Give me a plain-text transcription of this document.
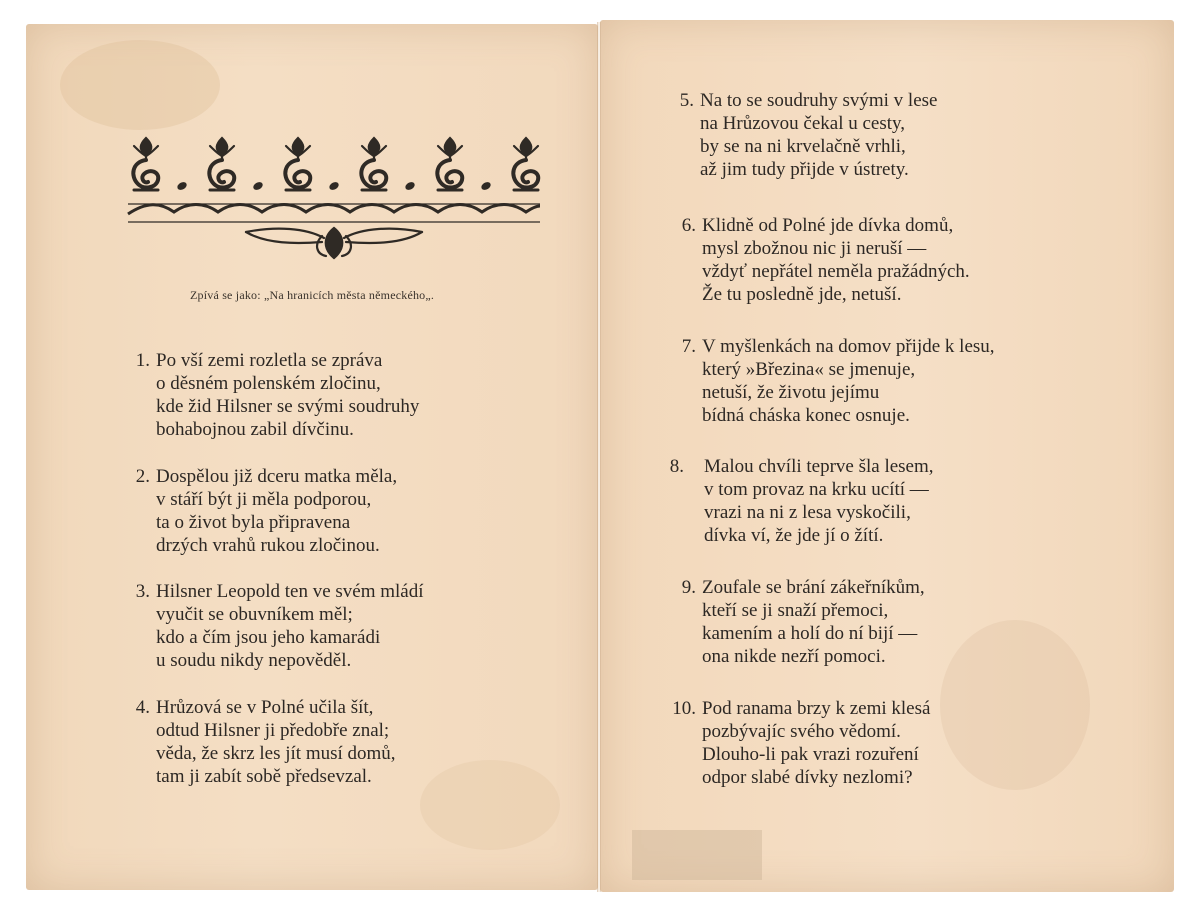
Zpívá se jako: „Na hranicích města německého„.
1. Po vší zemi rozletla se zpráva
o děsném polenském zločinu,
kde žid Hilsner se svými soudruhy
bohabojnou zabil dívčinu.
2. Dospělou již dceru matka měla,
v stáří být ji měla podporou,
ta o život byla připravena
drzých vrahů rukou zločinou.
3. Hilsner Leopold ten ve svém mládí
vyučit se obuvníkem měl;
kdo a čím jsou jeho kamarádi
u soudu nikdy nepověděl.
4. Hrůzová se v Polné učila šít,
odtud Hilsner ji předobře znal;
věda, že skrz les jít musí domů,
tam ji zabít sobě předsevzal.
5. Na to se soudruhy svými v lese
na Hrůzovou čekal u cesty,
by se na ni krvelačně vrhli,
až jim tudy přijde v ústrety.
6. Klidně od Polné jde dívka domů,
mysl zbožnou nic ji neruší —
vždyť nepřátel neměla pražádných.
Že tu posledně jde, netuší.
7. V myšlenkách na domov přijde k lesu,
který »Březina« se jmenuje,
netuší, že životu jejímu
bídná cháska konec osnuje.
8. Malou chvíli teprve šla lesem,
v tom provaz na krku ucítí —
vrazi na ni z lesa vyskočili,
dívka ví, že jde jí o žítí.
9. Zoufale se brání zákeřníkům,
kteří se ji snaží přemoci,
kamením a holí do ní bijí —
ona nikde nezří pomoci.
10. Pod ranama brzy k zemi klesá
pozbývajíc svého vědomí.
Dlouho-li pak vrazi rozuření
odpor slabé dívky nezlomi?
